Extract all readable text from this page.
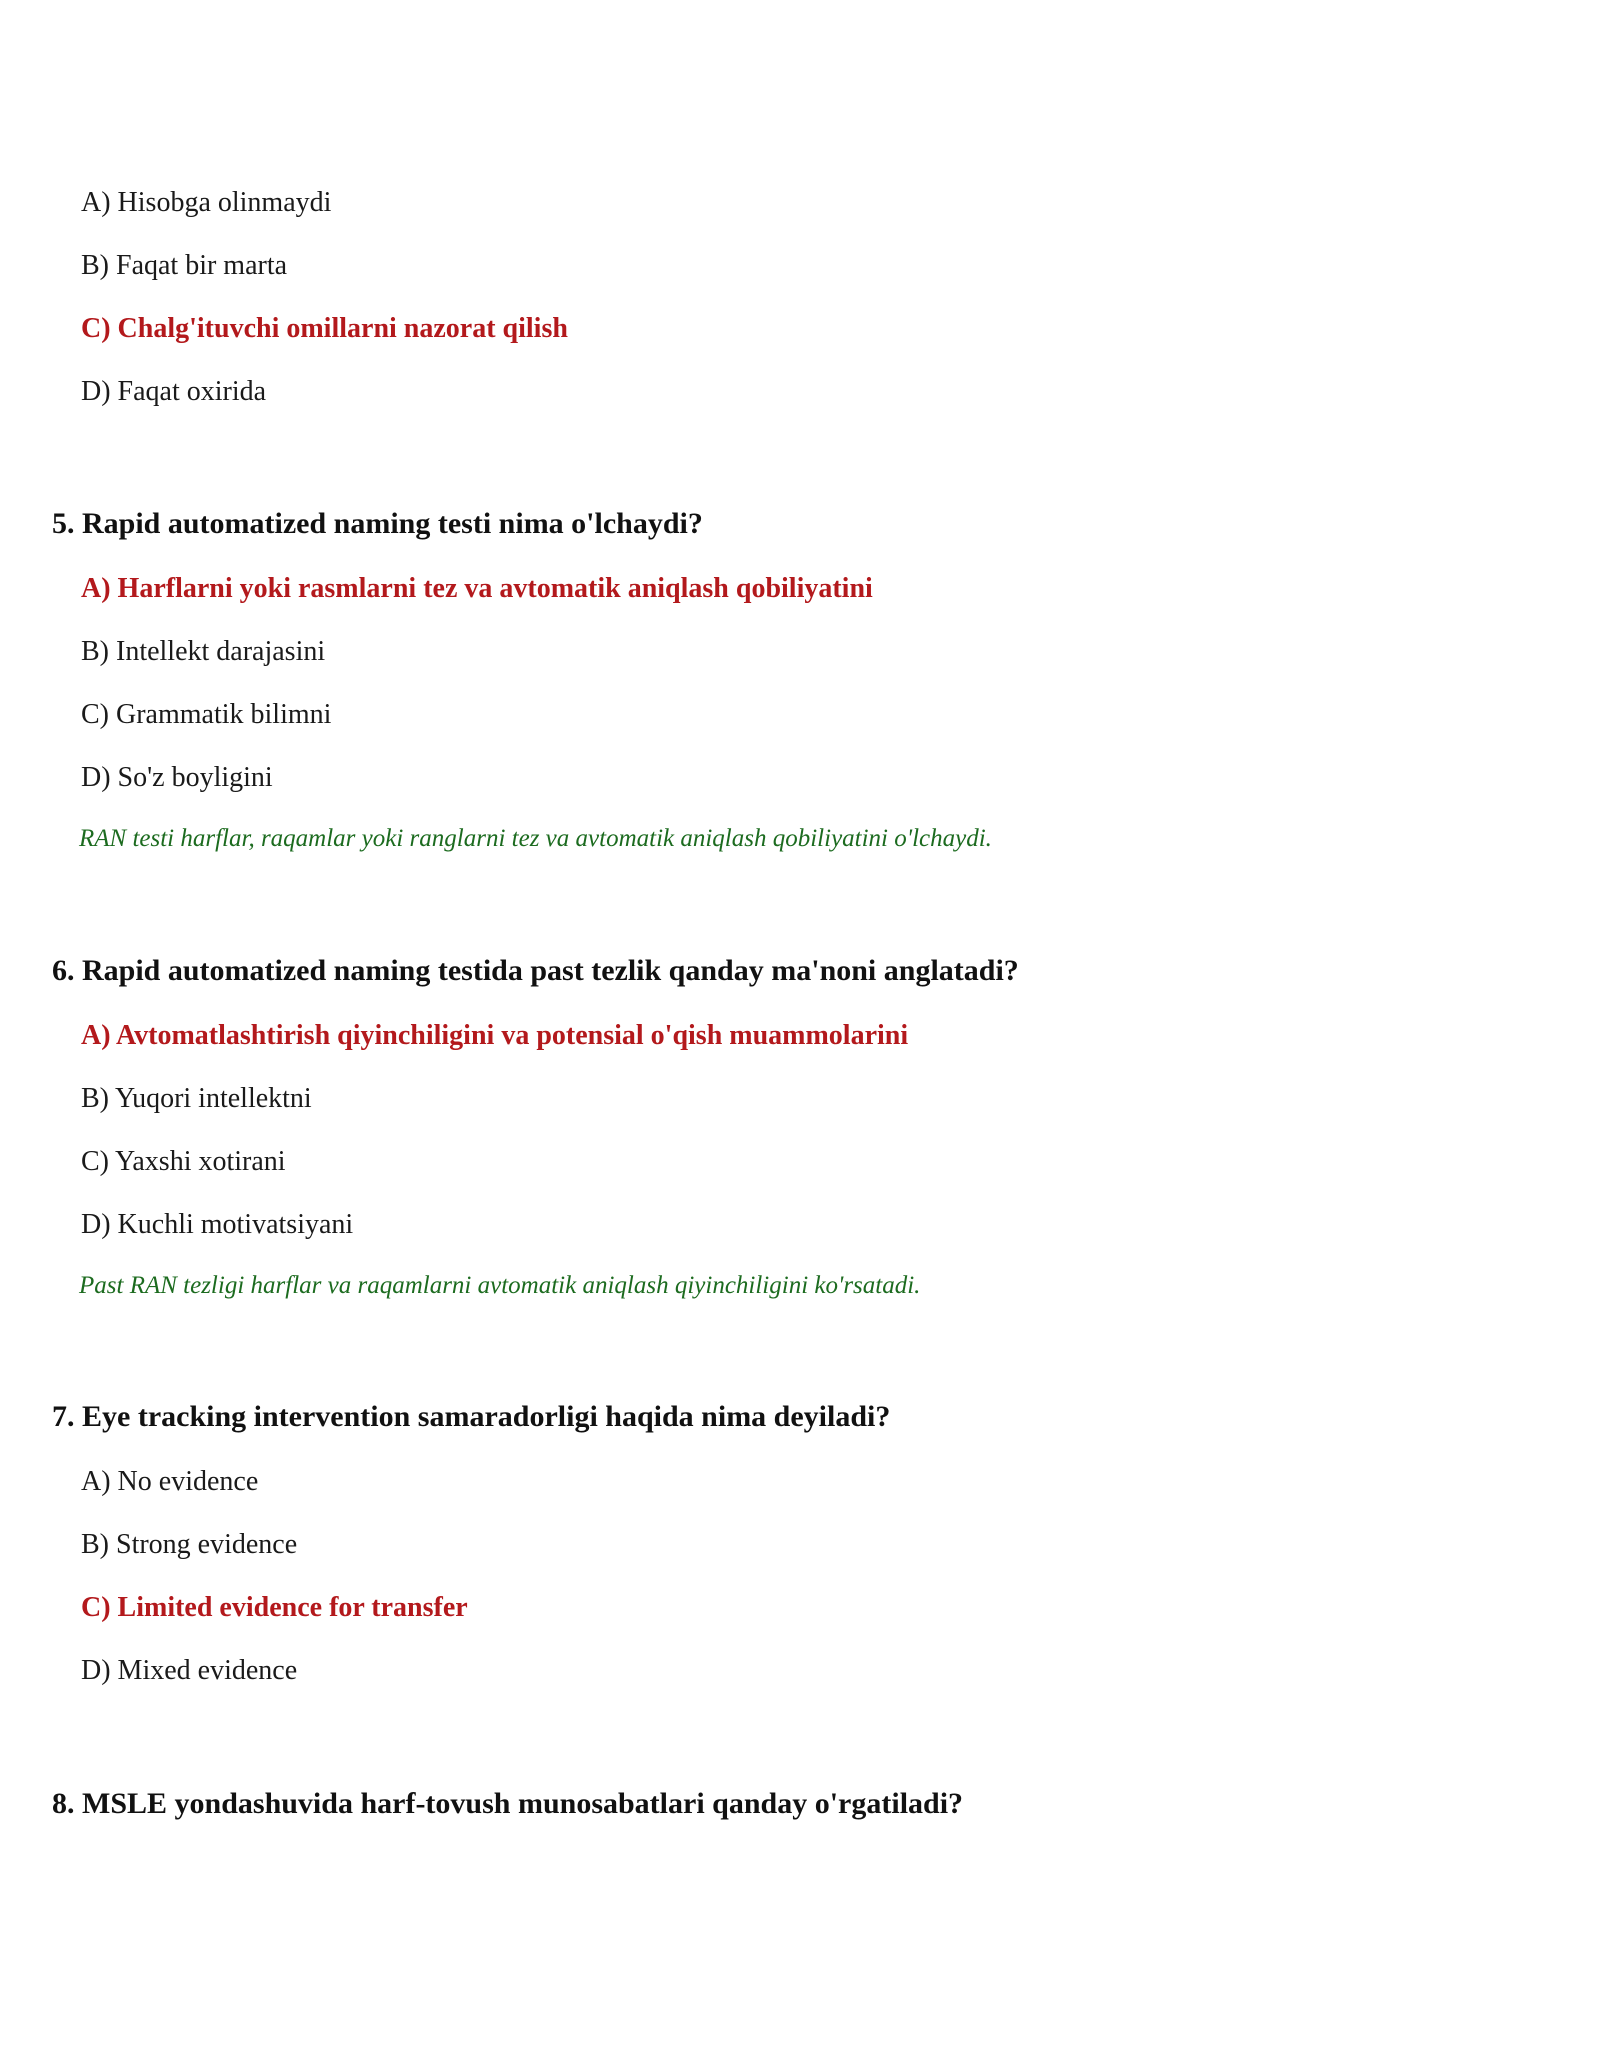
A) Hisobga olinmaydi
B) Faqat bir marta
C) Chalg'ituvchi omillarni nazorat qilish
D) Faqat oxirida
5. Rapid automatized naming testi nima o'lchaydi?
A) Harflarni yoki rasmlarni tez va avtomatik aniqlash qobiliyatini
B) Intellekt darajasini
C) Grammatik bilimni
D) So'z boyligini
RAN testi harflar, raqamlar yoki ranglarni tez va avtomatik aniqlash qobiliyatini o'lchaydi.
6. Rapid automatized naming testida past tezlik qanday ma'noni anglatadi?
A) Avtomatlashtirish qiyinchiligini va potensial o'qish muammolarini
B) Yuqori intellektni
C) Yaxshi xotirani
D) Kuchli motivatsiyani
Past RAN tezligi harflar va raqamlarni avtomatik aniqlash qiyinchiligini ko'rsatadi.
7. Eye tracking intervention samaradorligi haqida nima deyiladi?
A) No evidence
B) Strong evidence
C) Limited evidence for transfer
D) Mixed evidence
8. MSLE yondashuvida harf-tovush munosabatlari qanday o'rgatiladi?
